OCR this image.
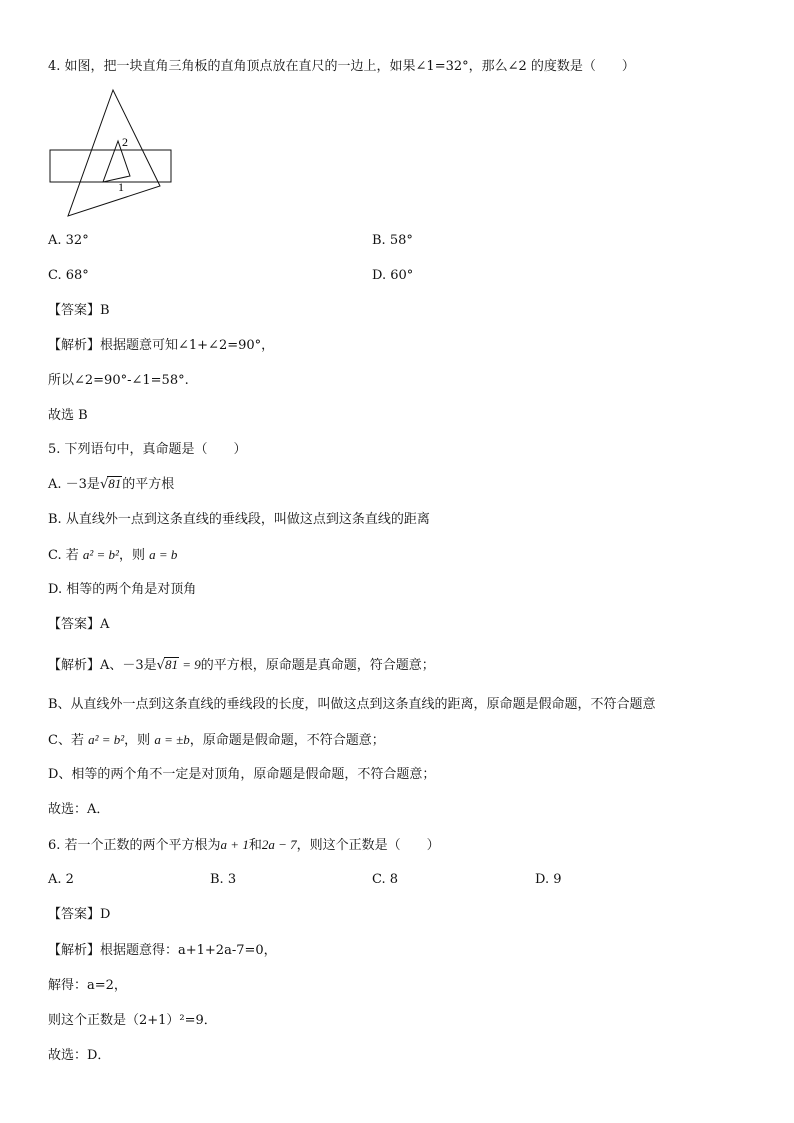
4. 如图，把一块直角三角板的直角顶点放在直尺的一边上，如果∠1=32°，那么∠2 的度数是（　　）
2
1
A. 32°	B. 58°
C. 68°	D. 60°
【答案】B
【解析】根据题意可知∠1+∠2=90°，
所以∠2=90°-∠1=58°.
故选 B
5. 下列语句中，真命题是（　　）
A. －3是√81的平方根
B. 从直线外一点到这条直线的垂线段，叫做这点到这条直线的距离
C. 若 a² = b²，则 a = b
D. 相等的两个角是对顶角
【答案】A
【解析】A、－3是√81 = 9的平方根，原命题是真命题，符合题意；
B、从直线外一点到这条直线的垂线段的长度，叫做这点到这条直线的距离，原命题是假命题，不符合题意
C、若 a² = b²，则 a = ±b，原命题是假命题，不符合题意；
D、相等的两个角不一定是对顶角，原命题是假命题，不符合题意；
故选：A．
6. 若一个正数的两个平方根为a + 1和2a − 7，则这个正数是（　　）
A. 2	B. 3	C. 8	D. 9
【答案】D
【解析】根据题意得：a+1+2a-7=0，
解得：a=2，
则这个正数是（2+1）²=9．
故选：D．
